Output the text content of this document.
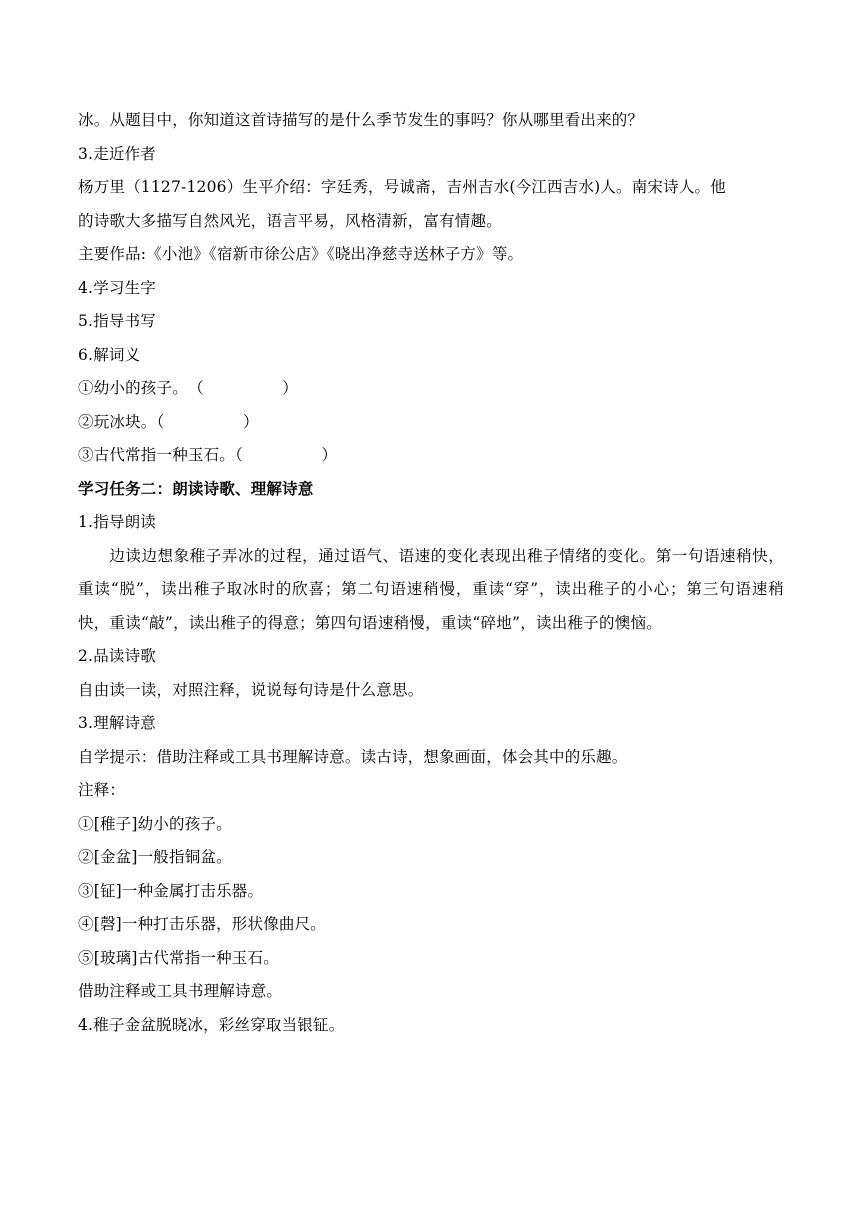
冰。从题目中，你知道这首诗描写的是什么季节发生的事吗？你从哪里看出来的？
3.走近作者
杨万里（1127-1206）生平介绍：字廷秀，号诚斋，吉州吉水(今江西吉水)人。南宋诗人。他
的诗歌大多描写自然风光，语言平易，风格清新，富有情趣。
主要作品:《小池》《宿新市徐公店》《晓出净慈寺送林子方》等。
4.学习生字
5.指导书写
6.解词义
①幼小的孩子。　（　　　　　）
②玩冰块。（　　　　　）
③古代常指一种玉石。（　　　　　）
学习任务二：朗读诗歌、理解诗意
1.指导朗读
边读边想象稚子弄冰的过程，通过语气、语速的变化表现出稚子情绪的变化。第一句语速稍快，重读“脱”，读出稚子取冰时的欣喜；第二句语速稍慢，重读“穿”，读出稚子的小心；第三句语速稍快，重读“敲”，读出稚子的得意；第四句语速稍慢，重读“碎地”，读出稚子的懊恼。
2.品读诗歌
自由读一读，对照注释，说说每句诗是什么意思。
3.理解诗意
自学提示：借助注释或工具书理解诗意。读古诗，想象画面，体会其中的乐趣。
注释：
①[稚子]幼小的孩子。
②[金盆]一般指铜盆。
③[钲]一种金属打击乐器。
④[磬]一种打击乐器，形状像曲尺。
⑤[玻璃]古代常指一种玉石。
借助注释或工具书理解诗意。
4.稚子金盆脱晓冰，彩丝穿取当银钲。
